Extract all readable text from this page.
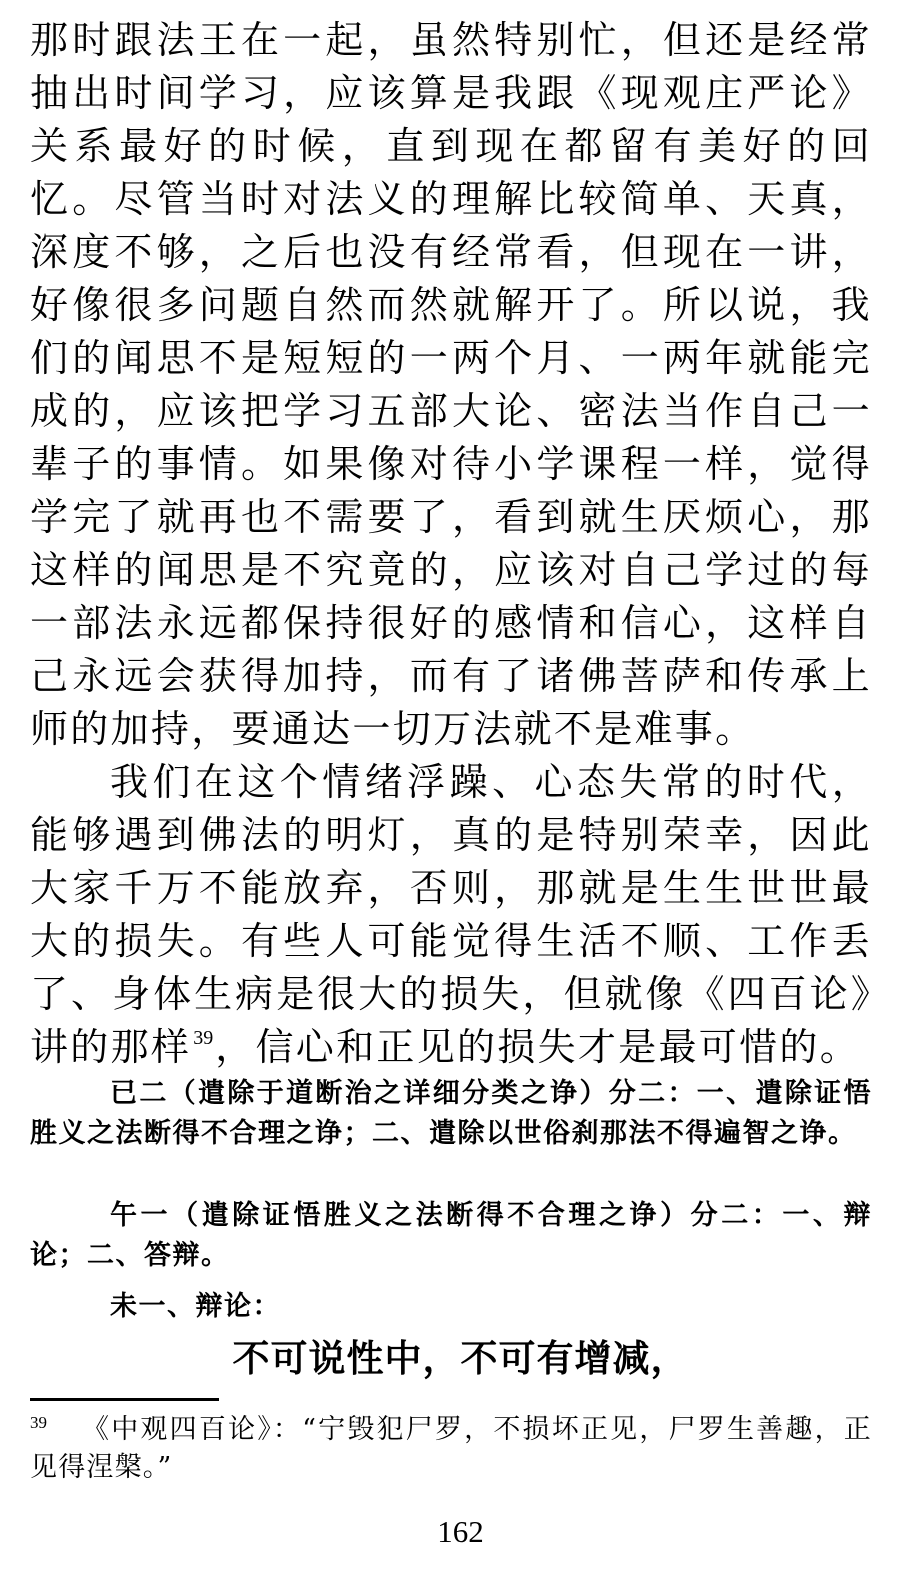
那时跟法王在一起，虽然特别忙，但还是经常抽出时间学习，应该算是我跟《现观庄严论》关系最好的时候，直到现在都留有美好的回忆。尽管当时对法义的理解比较简单、天真，深度不够，之后也没有经常看，但现在一讲，好像很多问题自然而然就解开了。所以说，我们的闻思不是短短的一两个月、一两年就能完成的，应该把学习五部大论、密法当作自己一辈子的事情。如果像对待小学课程一样，觉得学完了就再也不需要了，看到就生厌烦心，那这样的闻思是不究竟的，应该对自己学过的每一部法永远都保持很好的感情和信心，这样自己永远会获得加持，而有了诸佛菩萨和传承上师的加持，要通达一切万法就不是难事。

我们在这个情绪浮躁、心态失常的时代，能够遇到佛法的明灯，真的是特别荣幸，因此大家千万不能放弃，否则，那就是生生世世最大的损失。有些人可能觉得生活不顺、工作丢了、身体生病是很大的损失，但就像《四百论》讲的那样 $^{39}$，信心和正见的损失才是最可惜的。

已二（遣除于道断治之详细分类之诤）分二：一、遣除证悟胜义之法断得不合理之诤；二、遣除以世俗刹那法不得遍智之诤。

午一（遣除证悟胜义之法断得不合理之诤）分二：一、辩论；二、答辩。

未一、辩论：

不可说性中，不可有增减，

$^{39}$ 《中观四百论》：“宁毁犯尸罗，不损坏正见，尸罗生善趣，正见得涅槃。”

162
